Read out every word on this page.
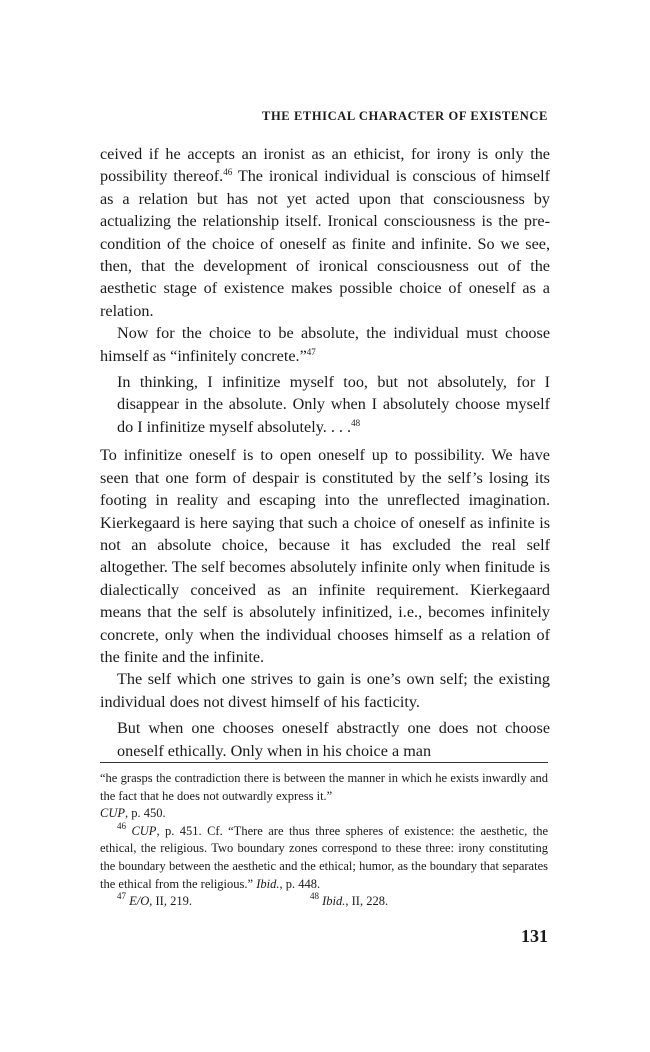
THE ETHICAL CHARACTER OF EXISTENCE

ceived if he accepts an ironist as an ethicist, for irony is only the possibility thereof.$^{46}$ The ironical individual is conscious of himself as a relation but has not yet acted upon that consciousness by actualizing the relationship itself. Ironical consciousness is the pre-condition of the choice of oneself as finite and infinite. So we see, then, that the development of ironical consciousness out of the aesthetic stage of existence makes possible choice of oneself as a relation.

Now for the choice to be absolute, the individual must choose himself as “infinitely concrete.”$^{47}$

In thinking, I infinitize myself too, but not absolutely, for I disappear in the absolute. Only when I absolutely choose myself do I infinitize myself absolutely. . . .$^{48}$

To infinitize oneself is to open oneself up to possibility. We have seen that one form of despair is constituted by the self’s losing its footing in reality and escaping into the unreflected imagination. Kierkegaard is here saying that such a choice of oneself as infinite is not an absolute choice, because it has excluded the real self altogether. The self becomes absolutely infinite only when finitude is dialectically conceived as an infinite requirement. Kierkegaard means that the self is absolutely infinitized, i.e., becomes infinitely concrete, only when the individual chooses himself as a relation of the finite and the infinite.

The self which one strives to gain is one’s own self; the existing individual does not divest himself of his facticity.

But when one chooses oneself abstractly one does not choose oneself ethically. Only when in his choice a man

“he grasps the contradiction there is between the manner in which he exists inwardly and the fact that he does not outwardly express it.”
CUP, p. 450.

$^{46}$ CUP, p. 451. Cf. “There are thus three spheres of existence: the aesthetic, the ethical, the religious. Two boundary zones correspond to these three: irony constituting the boundary between the aesthetic and the ethical; humor, as the boundary that separates the ethical from the religious.” Ibid., p. 448.

$^{47}$ E/O, II, 219.	$^{48}$ Ibid., II, 228.

131
